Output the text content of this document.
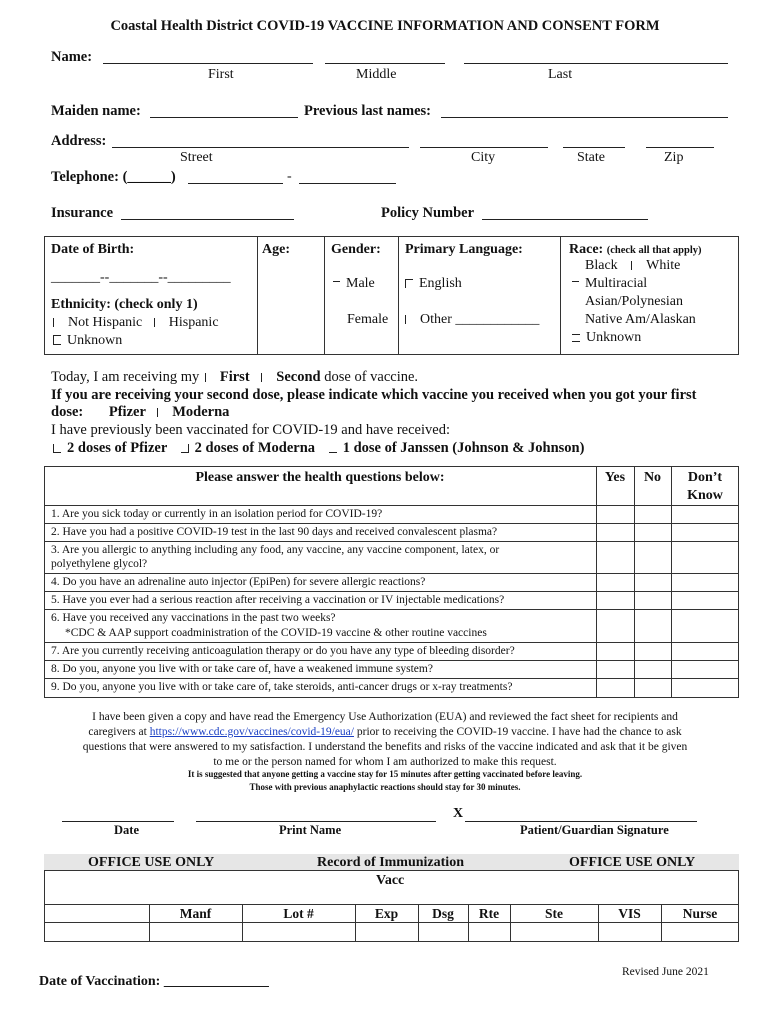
Coastal Health District COVID-19 VACCINE INFORMATION AND CONSENT FORM
Name:
First	Middle	Last
Maiden name:	Previous last names:
Address:
Street	City	State	Zip
Telephone: (______)	-
Insurance	Policy Number
Date of Birth:
_______--_______--_________
Ethnicity: (check only 1)
Not Hispanic Hispanic
Unknown
Age:	Gender:
Male
Female
Primary Language:
English
Other ____________
Race: (check all that apply)
Black White
Multiracial
Asian/Polynesian
Native Am/Alaskan
Unknown
Today, I am receiving my First Second dose of vaccine.
If you are receiving your second dose, please indicate which vaccine you received when you got your first
dose: Pfizer Moderna
I have previously been vaccinated for COVID-19 and have received:
2 doses of Pfizer 2 doses of Moderna 1 dose of Janssen (Johnson & Johnson)
Please answer the health questions below:	Yes	No	Don’t
Know
1. Are you sick today or currently in an isolation period for COVID-19?
2. Have you had a positive COVID-19 test in the last 90 days and received convalescent plasma?
3. Are you allergic to anything including any food, any vaccine, any vaccine component, latex, or
polyethylene glycol?
4. Do you have an adrenaline auto injector (EpiPen) for severe allergic reactions?
5. Have you ever had a serious reaction after receiving a vaccination or IV injectable medications?
6. Have you received any vaccinations in the past two weeks?
*CDC & AAP support coadministration of the COVID-19 vaccine & other routine vaccines
7. Are you currently receiving anticoagulation therapy or do you have any type of bleeding disorder?
8. Do you, anyone you live with or take care of, have a weakened immune system?
9. Do you, anyone you live with or take care of, take steroids, anti-cancer drugs or x-ray treatments?
I have been given a copy and have read the Emergency Use Authorization (EUA) and reviewed the fact sheet for recipients and
caregivers at https://www.cdc.gov/vaccines/covid-19/eua/ prior to receiving the COVID-19 vaccine. I have had the chance to ask
questions that were answered to my satisfaction. I understand the benefits and risks of the vaccine indicated and ask that it be given
to me or the person named for whom I am authorized to make this request.
It is suggested that anyone getting a vaccine stay for 15 minutes after getting vaccinated before leaving.
Those with previous anaphylactic reactions should stay for 30 minutes.
X
Date	Print Name	Patient/Guardian Signature
OFFICE USE ONLY	Record of Immunization	OFFICE USE ONLY
Vacc
Manf	Lot #	Exp	Dsg	Rte	Ste	VIS	Nurse
Revised June 2021
Date of Vaccination: _______________
